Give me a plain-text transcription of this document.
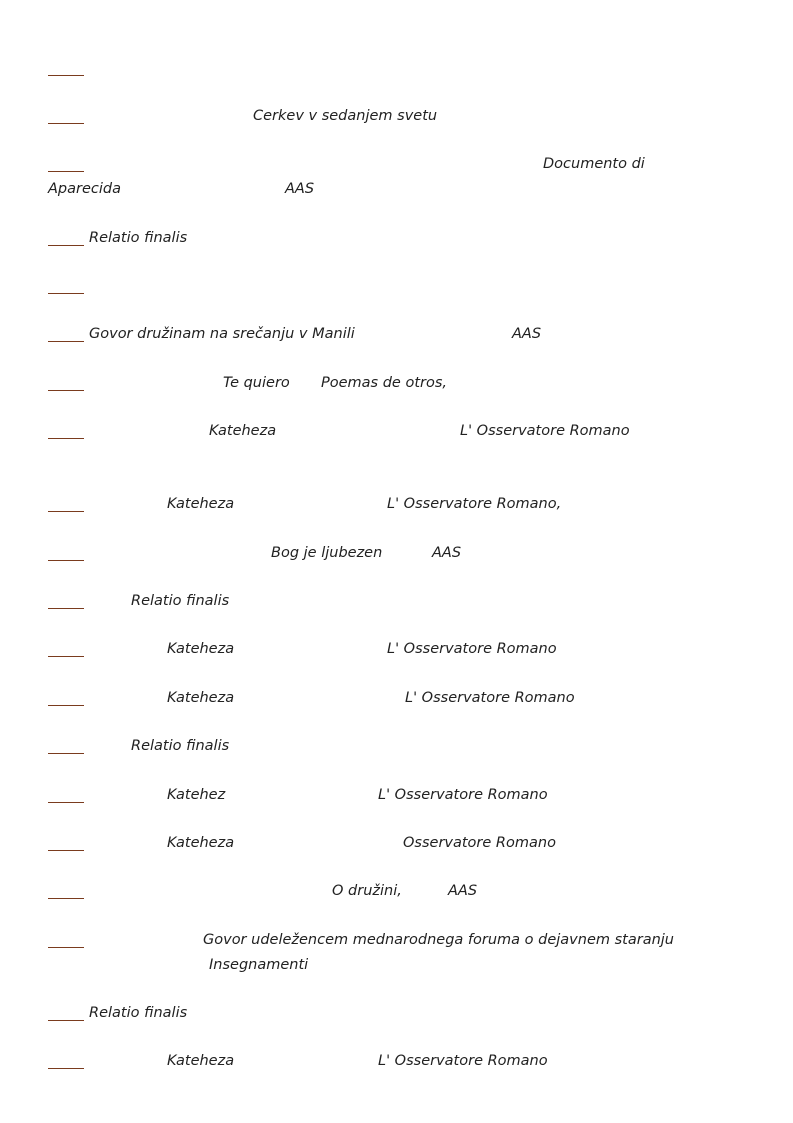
Cerkev v sedanjem svetu
Documento di
Aparecida	AAS
Relatio finalis
Govor družinam na srečanju v Manili	AAS
Te quiero Poemas de otros,
Kateheza	L' Osservatore Romano
Kateheza	L' Osservatore Romano,
Bog je ljubezen	AAS
Relatio finalis
Kateheza	L' Osservatore Romano
Kateheza	L' Osservatore Romano
Relatio finalis
Katehez	L' Osservatore Romano
Kateheza	Osservatore Romano
O družini,	AAS
Govor udeležencem mednarodnega foruma o dejavnem staranju
Insegnamenti
Relatio finalis
Kateheza	L' Osservatore Romano
